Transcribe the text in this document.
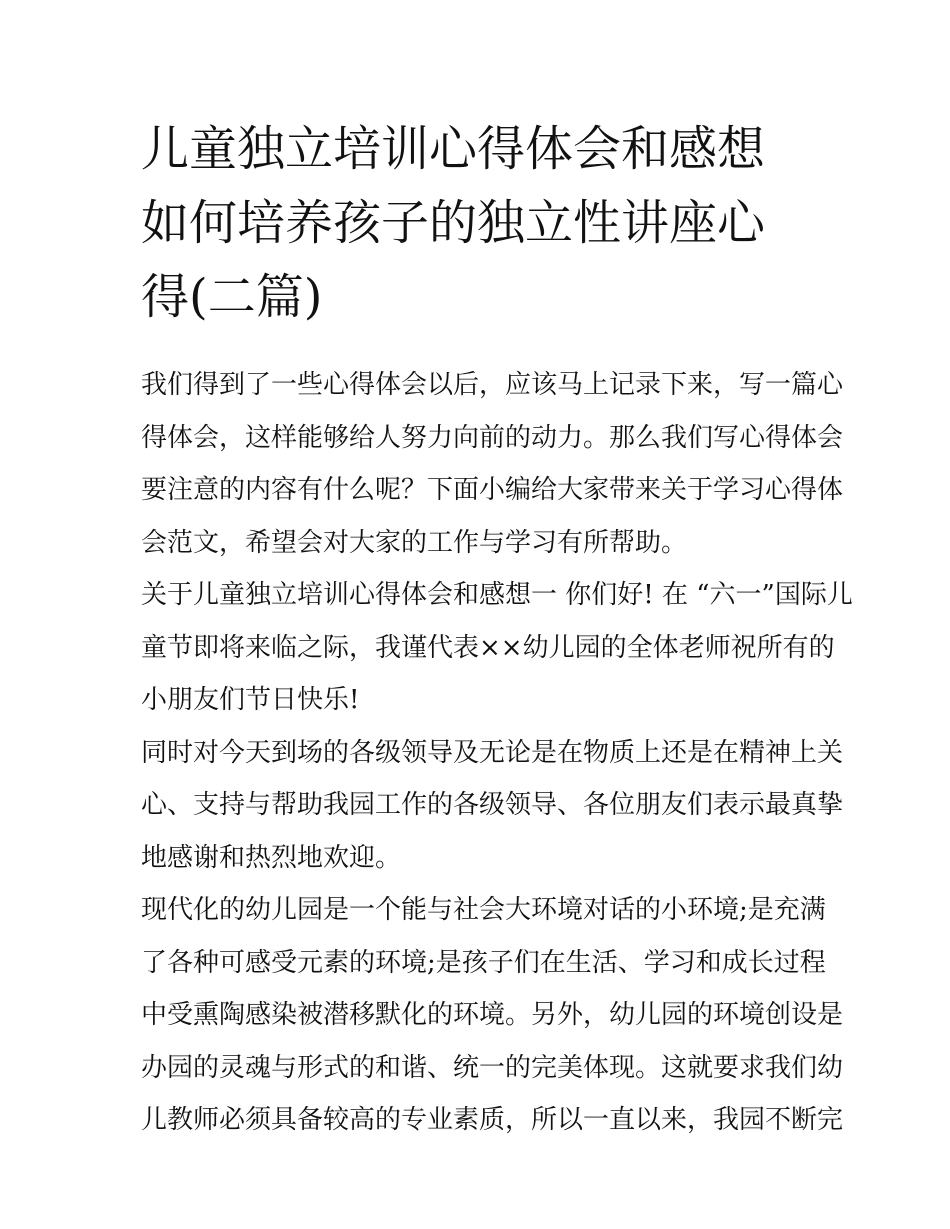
儿童独立培训心得体会和感想
如何培养孩子的独立性讲座心
得(二篇)

我们得到了一些心得体会以后，应该马上记录下来，写一篇心
得体会，这样能够给人努力向前的动力。那么我们写心得体会
要注意的内容有什么呢？下面小编给大家带来关于学习心得体
会范文，希望会对大家的工作与学习有所帮助。

关于儿童独立培训心得体会和感想一 你们好! 在 “六一”国际儿
童节即将来临之际，我谨代表××幼儿园的全体老师祝所有的
小朋友们节日快乐!

同时对今天到场的各级领导及无论是在物质上还是在精神上关
心、支持与帮助我园工作的各级领导、各位朋友们表示最真挚
地感谢和热烈地欢迎。

现代化的幼儿园是一个能与社会大环境对话的小环境;是充满
了各种可感受元素的环境;是孩子们在生活、学习和成长过程
中受熏陶感染被潜移默化的环境。另外，幼儿园的环境创设是
办园的灵魂与形式的和谐、统一的完美体现。这就要求我们幼
儿教师必须具备较高的专业素质，所以一直以来，我园不断完
